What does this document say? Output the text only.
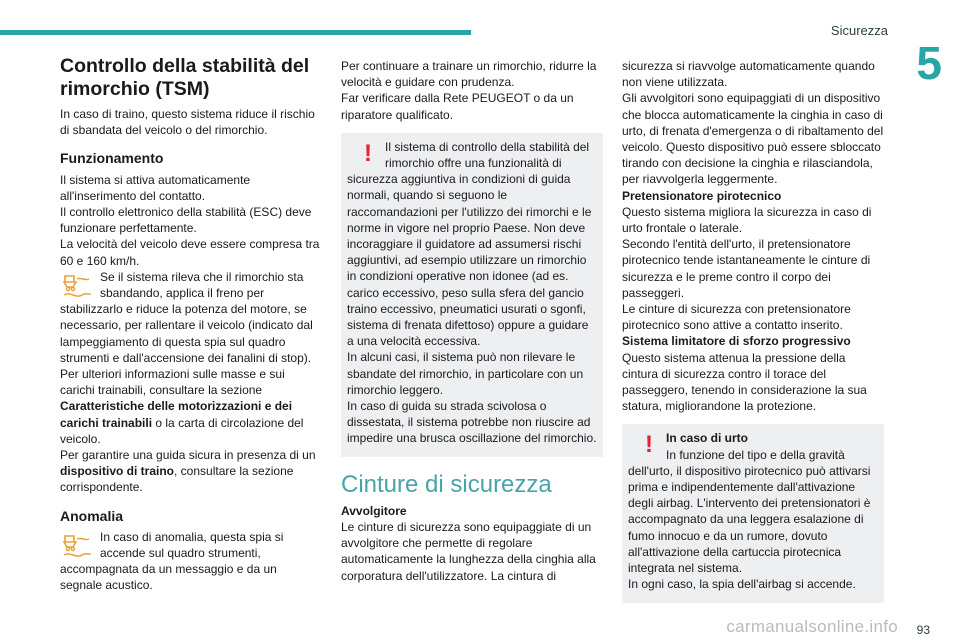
Sicurezza
5
93
carmanualsonline.info
Controllo della stabilità del rimorchio (TSM)

In caso di traino, questo sistema riduce il rischio di sbandata del veicolo o del rimorchio.

Funzionamento

Il sistema si attiva automaticamente all'inserimento del contatto.

Il controllo elettronico della stabilità (ESC) deve funzionare perfettamente.

La velocità del veicolo deve essere compresa tra 60 e 160 km/h.

Se il sistema rileva che il rimorchio sta sbandando, applica il freno per stabilizzarlo e riduce la potenza del motore, se necessario, per rallentare il veicolo (indicato dal lampeggiamento di questa spia sul quadro strumenti e dall'accensione dei fanalini di stop).

Per ulteriori informazioni sulle masse e sui carichi trainabili, consultare la sezione Caratteristiche delle motorizzazioni e dei carichi trainabili o la carta di circolazione del veicolo.

Per garantire una guida sicura in presenza di un dispositivo di traino, consultare la sezione corrispondente.

Anomalia

In caso di anomalia, questa spia si accende sul quadro strumenti, accompagnata da un messaggio e da un segnale acustico.

Per continuare a trainare un rimorchio, ridurre la velocità e guidare con prudenza.

Far verificare dalla Rete PEUGEOT o da un riparatore qualificato.

!	Il sistema di controllo della stabilità del rimorchio offre una funzionalità di sicurezza aggiuntiva in condizioni di guida normali, quando si seguono le raccomandazioni per l'utilizzo dei rimorchi e le norme in vigore nel proprio Paese. Non deve incoraggiare il guidatore ad assumersi rischi aggiuntivi, ad esempio utilizzare un rimorchio in condizioni operative non idonee (ad es. carico eccessivo, peso sulla sfera del gancio traino eccessivo, pneumatici usurati o sgonfi, sistema di frenata difettoso) oppure a guidare a una velocità eccessiva.

In alcuni casi, il sistema può non rilevare le sbandate del rimorchio, in particolare con un rimorchio leggero.

In caso di guida su strada scivolosa o dissestata, il sistema potrebbe non riuscire ad impedire una brusca oscillazione del rimorchio.

Cinture di sicurezza

Avvolgitore

Le cinture di sicurezza sono equipaggiate di un avvolgitore che permette di regolare automaticamente la lunghezza della cinghia alla corporatura dell'utilizzatore. La cintura di

sicurezza si riavvolge automaticamente quando non viene utilizzata.

Gli avvolgitori sono equipaggiati di un dispositivo che blocca automaticamente la cinghia in caso di urto, di frenata d'emergenza o di ribaltamento del veicolo. Questo dispositivo può essere sbloccato tirando con decisione la cinghia e rilasciandola, per riavvolgerla leggermente.

Pretensionatore pirotecnico

Questo sistema migliora la sicurezza in caso di urto frontale o laterale.

Secondo l'entità dell'urto, il pretensionatore pirotecnico tende istantaneamente le cinture di sicurezza e le preme contro il corpo dei passeggeri.

Le cinture di sicurezza con pretensionatore pirotecnico sono attive a contatto inserito.

Sistema limitatore di sforzo progressivo

Questo sistema attenua la pressione della cintura di sicurezza contro il torace del passeggero, tenendo in considerazione la sua statura, migliorandone la protezione.

!	In caso di urto

In funzione del tipo e della gravità dell'urto, il dispositivo pirotecnico può attivarsi prima e indipendentemente dall'attivazione degli airbag. L'intervento dei pretensionatori è accompagnato da una leggera esalazione di fumo innocuo e da un rumore, dovuto all'attivazione della cartuccia pirotecnica integrata nel sistema.

In ogni caso, la spia dell'airbag si accende.
